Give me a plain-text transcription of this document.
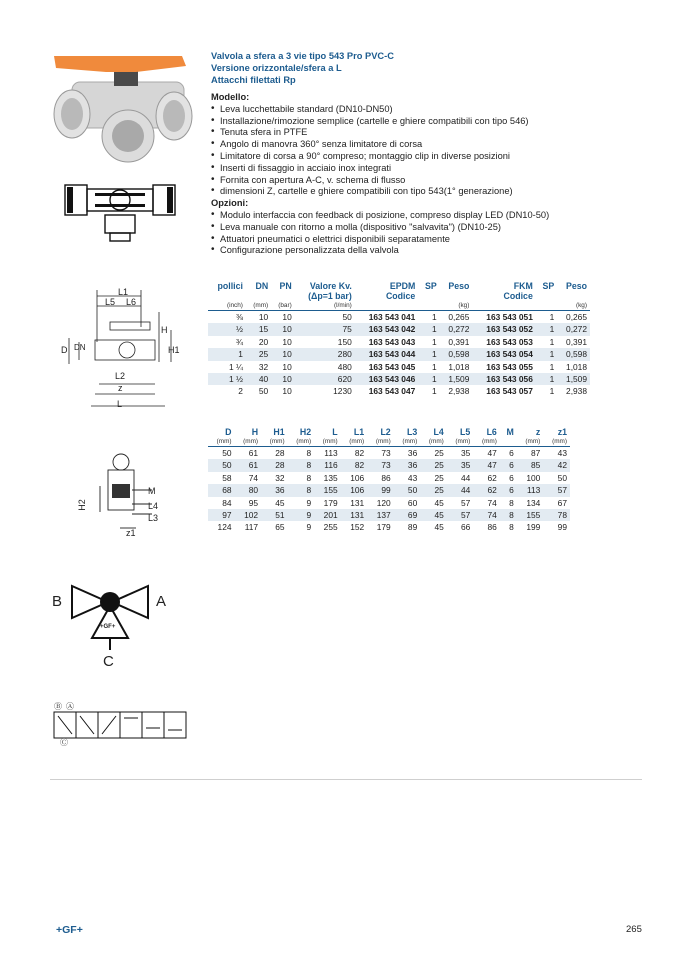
Valvola a sfera a 3 vie tipo 543 Pro PVC-C
Versione orizzontale/sfera a L
Attacchi filettati Rp
Modello:
• Leva lucchettabile standard (DN10-DN50)
• Installazione/rimozione semplice (cartelle e ghiere compatibili con tipo 546)
• Tenuta sfera in PTFE
• Angolo di manovra 360° senza limitatore di corsa
• Limitatore di corsa a 90° compreso; montaggio clip in diverse posizioni
• Inserti di fissaggio in acciaio inox integrati
• Fornita con apertura A-C, v. schema di flusso
• dimensioni Z, cartelle e ghiere compatibili con tipo 543(1° generazione)
Opzioni:
• Modulo interfaccia con feedback di posizione, compreso display LED (DN10-50)
• Leva manuale con ritorno a molla (dispositivo "salvavita") (DN10-25)
• Attuatori pneumatici o elettrici disponibili separatamente
• Configurazione personalizzata della valvola
L1
L5 L6
H
H1
D DN
L2
z
L
H2
M
L4
L3
z1
B	A
C
+GF+
Ⓑ Ⓐ
Ⓒ
pollici	DN	PN	Valore Kv.	EPDM	SP	Peso	FKM	SP	Peso
			(Δp=1 bar)	Codice			Codice		
(inch)	(mm)	(bar)	(l/min)			(kg)			(kg)
⅜	10	10	50	163 543 041	1	0,265	163 543 051	1	0,265
½	15	10	75	163 543 042	1	0,272	163 543 052	1	0,272
¾	20	10	150	163 543 043	1	0,391	163 543 053	1	0,391
1	25	10	280	163 543 044	1	0,598	163 543 054	1	0,598
1 ¼	32	10	480	163 543 045	1	1,018	163 543 055	1	1,018
1 ½	40	10	620	163 543 046	1	1,509	163 543 056	1	1,509
2	50	10	1230	163 543 047	1	2,938	163 543 057	1	2,938
D	H	H1	H2	L	L1	L2	L3	L4	L5	L6	M	z	z1
(mm)	(mm)	(mm)	(mm)	(mm)	(mm)	(mm)	(mm)	(mm)	(mm)	(mm)		(mm)	(mm)
50	61	28	8	113	82	73	36	25	35	47	6	87	43
50	61	28	8	116	82	73	36	25	35	47	6	85	42
58	74	32	8	135	106	86	43	25	44	62	6	100	50
68	80	36	8	155	106	99	50	25	44	62	6	113	57
84	95	45	9	179	131	120	60	45	57	74	8	134	67
97	102	51	9	201	131	137	69	45	57	74	8	155	78
124	117	65	9	255	152	179	89	45	66	86	8	199	99
+GF+	265
